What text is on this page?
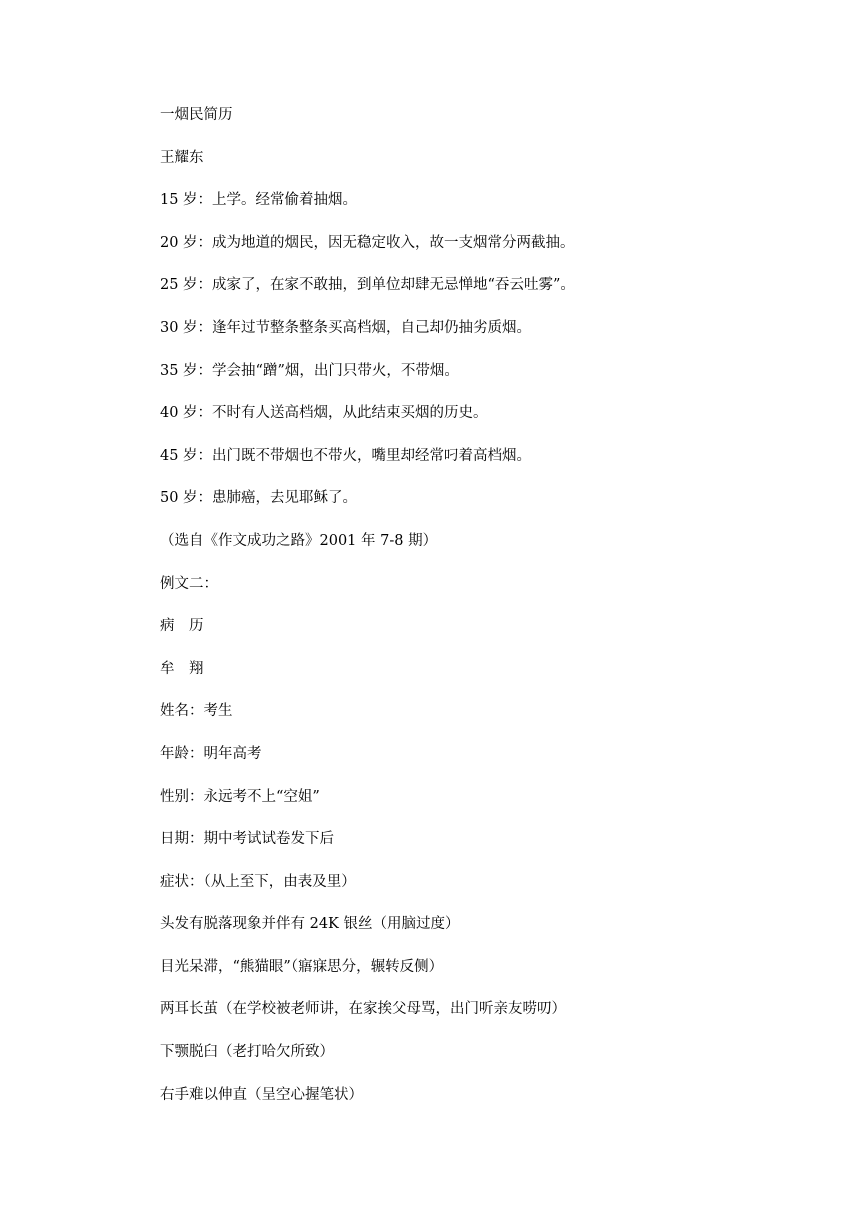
一烟民简历

王耀东

15 岁：上学。经常偷着抽烟。

20 岁：成为地道的烟民，因无稳定收入，故一支烟常分两截抽。

25 岁：成家了，在家不敢抽，到单位却肆无忌惮地“吞云吐雾”。

30 岁：逢年过节整条整条买高档烟，自己却仍抽劣质烟。

35 岁：学会抽“蹭”烟，出门只带火，不带烟。

40 岁：不时有人送高档烟，从此结束买烟的历史。

45 岁：出门既不带烟也不带火，嘴里却经常叼着高档烟。

50 岁：患肺癌，去见耶稣了。

（选自《作文成功之路》2001 年 7-8 期）

例文二：

病　历

牟　翔

姓名：考生

年龄：明年高考

性别：永远考不上“空姐”

日期：期中考试试卷发下后

症状：（从上至下，由表及里）

头发有脱落现象并伴有 24K 银丝（用脑过度）

目光呆滞，“熊猫眼”（寤寐思分，辗转反侧）

两耳长茧（在学校被老师讲，在家挨父母骂，出门听亲友唠叨）

下颚脱臼（老打哈欠所致）

右手难以伸直（呈空心握笔状）
